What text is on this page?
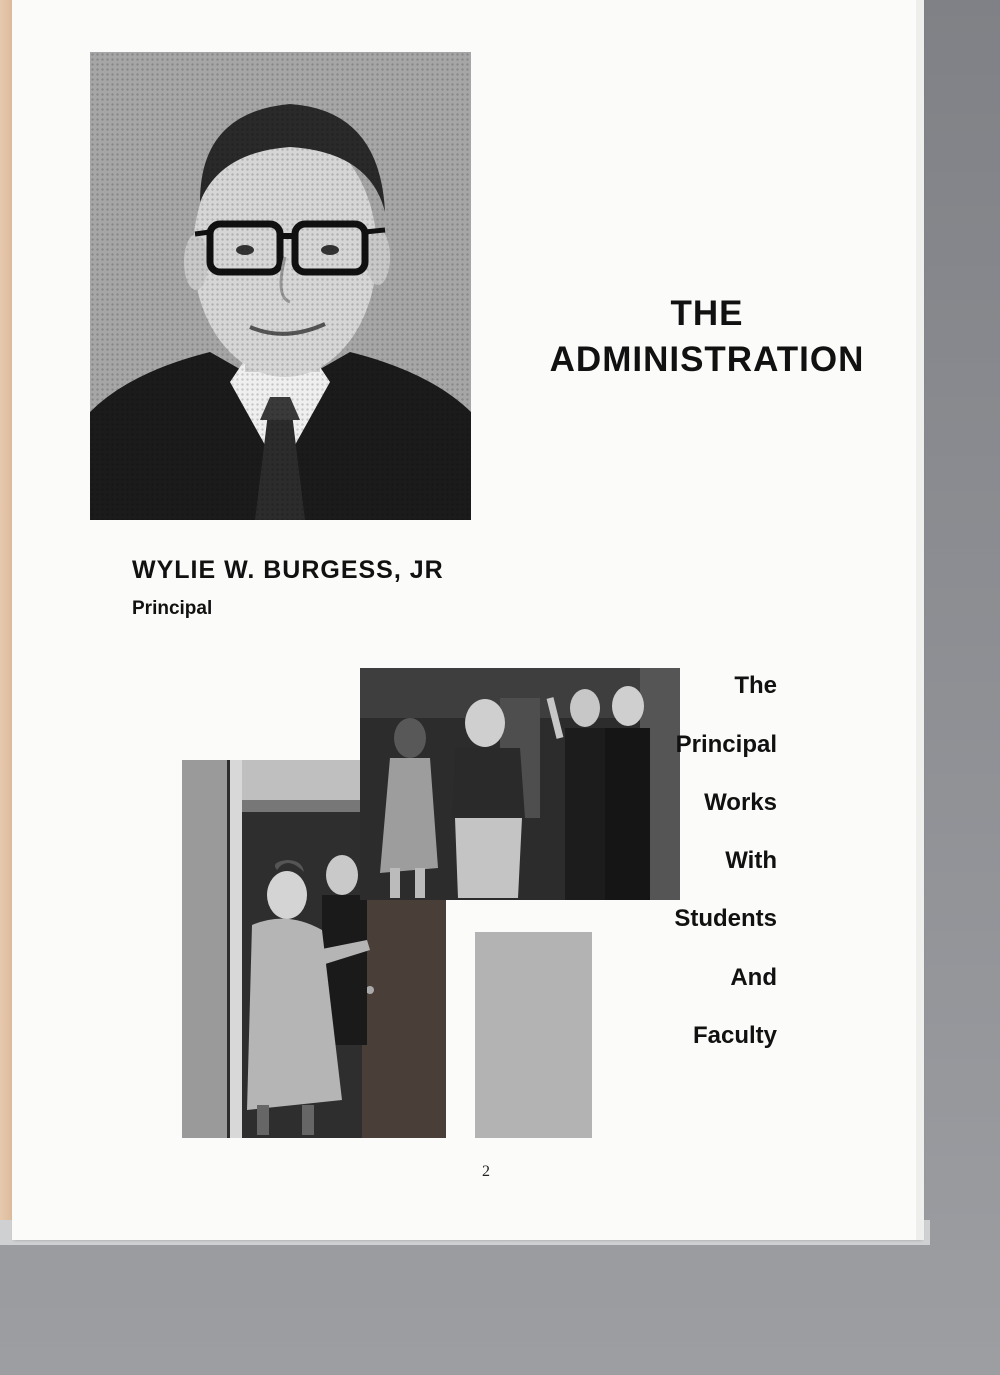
THE
ADMINISTRATION
WYLIE W. BURGESS, JR
Principal
The
Principal
Works
With
Students
And
Faculty
2
